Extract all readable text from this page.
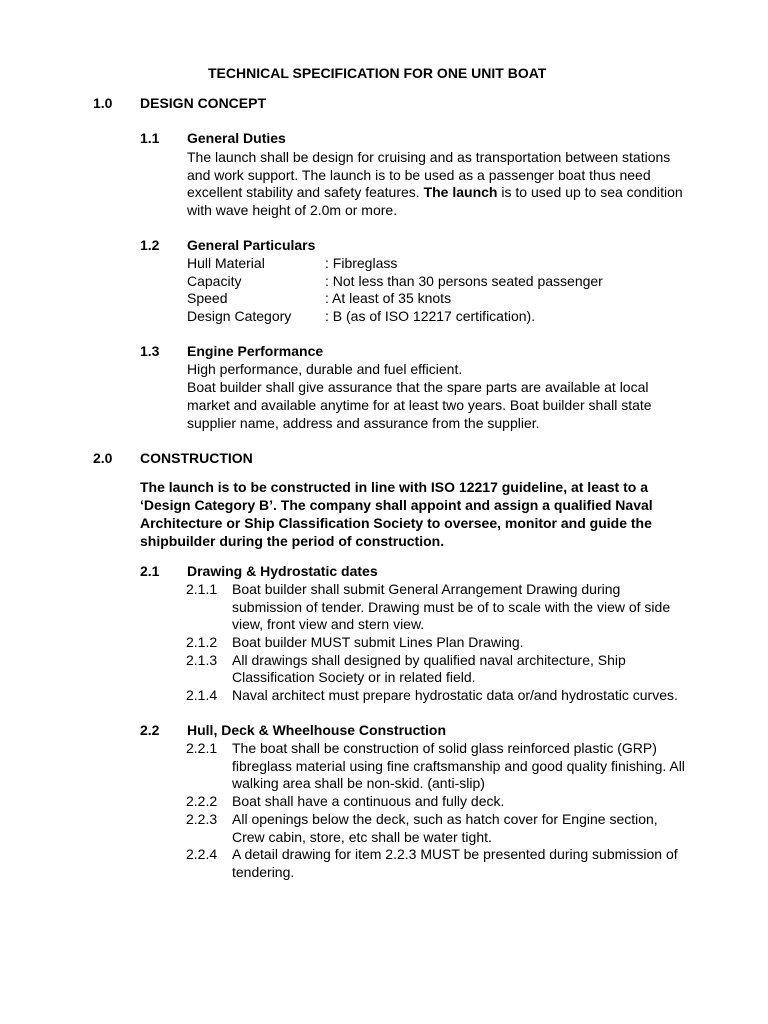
TECHNICAL SPECIFICATION FOR ONE UNIT BOAT
1.0 DESIGN CONCEPT
1.1 General Duties
The launch shall be design for cruising and as transportation between stations
and work support. The launch is to be used as a passenger boat thus need
excellent stability and safety features. The launch is to used up to sea condition
with wave height of 2.0m or more.
1.2 General Particulars
Hull Material	: Fibreglass
Capacity	: Not less than 30 persons seated passenger
Speed	: At least of 35 knots
Design Category : B (as of ISO 12217 certification).
1.3 Engine Performance
High performance, durable and fuel efficient.
Boat builder shall give assurance that the spare parts are available at local
market and available anytime for at least two years. Boat builder shall state
supplier name, address and assurance from the supplier.
2.0 CONSTRUCTION
The launch is to be constructed in line with ISO 12217 guideline, at least to a
‘Design Category B’. The company shall appoint and assign a qualified Naval
Architecture or Ship Classification Society to oversee, monitor and guide the
shipbuilder during the period of construction.
2.1 Drawing & Hydrostatic dates
2.1.1 Boat builder shall submit General Arrangement Drawing during
submission of tender. Drawing must be of to scale with the view of side
view, front view and stern view.
2.1.2 Boat builder MUST submit Lines Plan Drawing.
2.1.3 All drawings shall designed by qualified naval architecture, Ship
Classification Society or in related field.
2.1.4 Naval architect must prepare hydrostatic data or/and hydrostatic curves.
2.2 Hull, Deck & Wheelhouse Construction
2.2.1 The boat shall be construction of solid glass reinforced plastic (GRP)
fibreglass material using fine craftsmanship and good quality finishing. All
walking area shall be non-skid. (anti-slip)
2.2.2 Boat shall have a continuous and fully deck.
2.2.3 All openings below the deck, such as hatch cover for Engine section,
Crew cabin, store, etc shall be water tight.
2.2.4 A detail drawing for item 2.2.3 MUST be presented during submission of
tendering.
